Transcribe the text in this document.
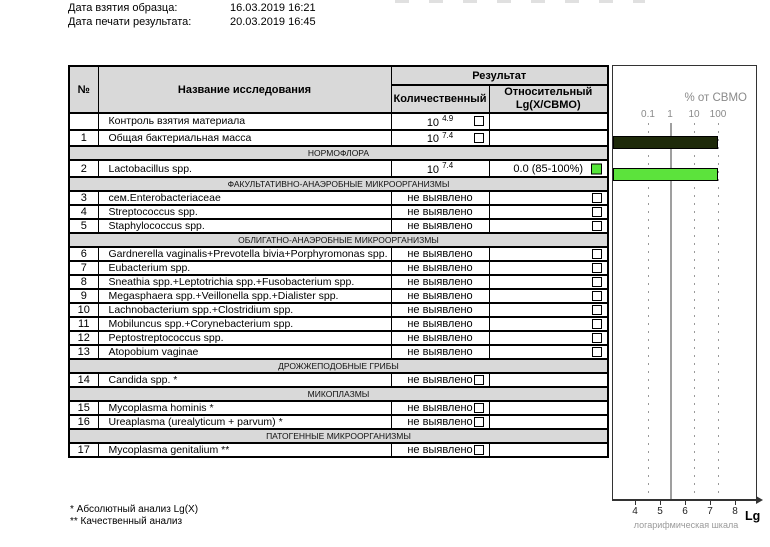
Дата взятия образца:	16.03.2019 16:21
Дата печати результата:	20.03.2019 16:45
№	Название исследования	Результат	
		Количественный	Относительный
Lg(X/СВМО)
	Контроль взятия материала	10 $^{4.9}$

1	Общая бактериальная масса	10 $^{7.4}$

НОРМОФЛОРА			
2	Lactobacillus spp.	10 $^{7.4}$	0.0 (85-100%)

ФАКУЛЬТАТИВНО-АНАЭРОБНЫЕ МИКРООРГАНИЗМЫ			
3	сем.Enterobacteriaceae	не выявлено	

4	Streptococcus spp.	не выявлено	

5	Staphylococcus spp.	не выявлено	

ОБЛИГАТНО-АНАЭРОБНЫЕ МИКРООРГАНИЗМЫ			
6	Gardnerella vaginalis+Prevotella bivia+Porphyromonas spp.	не выявлено	

7	Eubacterium spp.	не выявлено	

8	Sneathia spp.+Leptotrichia spp.+Fusobacterium spp.	не выявлено	

9	Megasphaera spp.+Veillonella spp.+Dialister spp.	не выявлено	

10	Lachnobacterium spp.+Clostridium spp.	не выявлено	

11	Mobiluncus spp.+Corynebacterium spp.	не выявлено	

12	Peptostreptococcus spp.	не выявлено	

13	Atopobium vaginae	не выявлено	

ДРОЖЖЕПОДОБНЫЕ ГРИБЫ			
14	Candida spp. *	не выявлено

МИКОПЛАЗМЫ			
15	Mycoplasma hominis *	не выявлено

16	Ureaplasma (urealyticum + parvum) *	не выявлено

ПАТОГЕННЫЕ МИКРООРГАНИЗМЫ			
17	Mycoplasma genitalium **	не выявлено

% от СВМО
0.1 1 10 100
4 5 6 7 8 Lg
логарифмическая шкала
* Абсолютный анализ Lg(X)
** Качественный анализ
